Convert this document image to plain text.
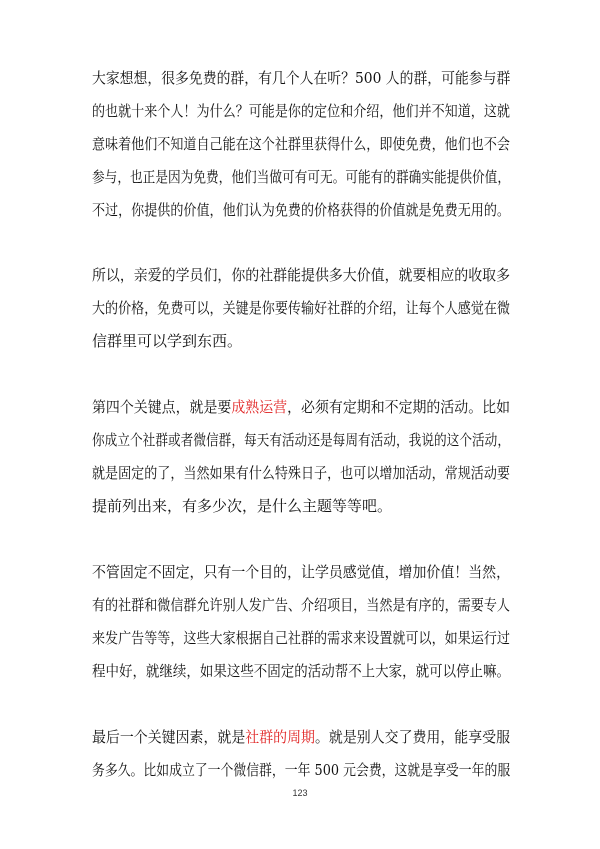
大家想想，很多免费的群，有几个人在听？500 人的群，可能参与群
的也就十来个人！为什么？可能是你的定位和介绍，他们并不知道，这就
意味着他们不知道自己能在这个社群里获得什么，即使免费，他们也不会
参与，也正是因为免费，他们当做可有可无。可能有的群确实能提供价值，
不过，你提供的价值，他们认为免费的价格获得的价值就是免费无用的。
所以，亲爱的学员们，你的社群能提供多大价值，就要相应的收取多
大的价格，免费可以，关键是你要传输好社群的介绍，让每个人感觉在微
信群里可以学到东西。
第四个关键点，就是要成熟运营，必须有定期和不定期的活动。比如
你成立个社群或者微信群，每天有活动还是每周有活动，我说的这个活动，
就是固定的了，当然如果有什么特殊日子，也可以增加活动，常规活动要
提前列出来，有多少次，是什么主题等等吧。
不管固定不固定，只有一个目的，让学员感觉值，增加价值！当然，
有的社群和微信群允许别人发广告、介绍项目，当然是有序的，需要专人
来发广告等等，这些大家根据自己社群的需求来设置就可以，如果运行过
程中好，就继续，如果这些不固定的活动帮不上大家，就可以停止嘛。
最后一个关键因素，就是社群的周期。就是别人交了费用，能享受服
务多久。比如成立了一个微信群，一年 500 元会费，这就是享受一年的服
123
